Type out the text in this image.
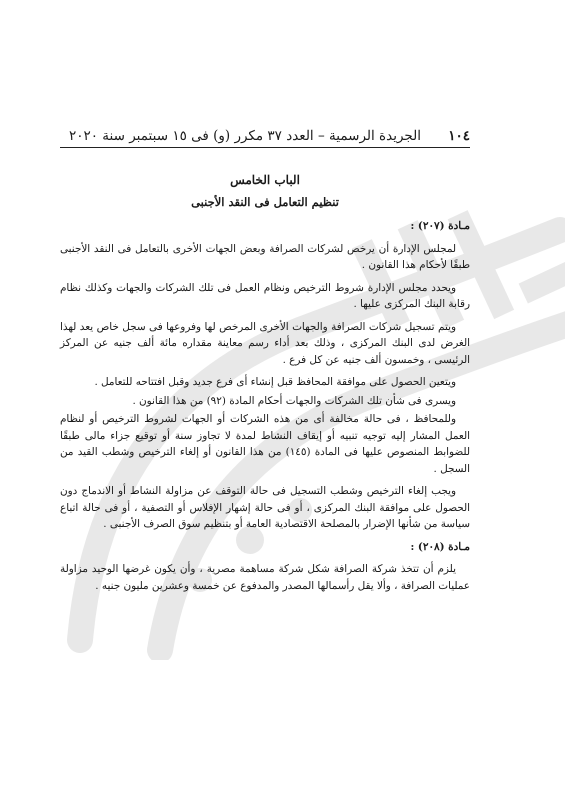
١٠٤
الجريدة الرسمية – العدد ٣٧ مكرر (و) فى ١٥ سبتمبر سنة ٢٠٢٠
الباب الخامس
تنظيم التعامل فى النقد الأجنبى
مـادة (٢٠٧) :

لمجلس الإدارة أن يرخص لشركات الصرافة وبعض الجهات الأخرى بالتعامل فى النقد الأجنبى طبقًا لأحكام هذا القانون .

ويحدد مجلس الإدارة شروط الترخيص ونظام العمل فى تلك الشركات والجهات وكذلك نظام رقابة البنك المركزى عليها .

ويتم تسجيل شركات الصرافة والجهات الأخرى المرخص لها وفروعها فى سجل خاص يعد لهذا الغرض لدى البنك المركزى ، وذلك بعد أداء رسم معاينة مقداره مائة ألف جنيه عن المركز الرئيسى ، وخمسون ألف جنيه عن كل فرع .

ويتعين الحصول على موافقة المحافظ قبل إنشاء أى فرع جديد وقبل افتتاحه للتعامل .

ويسرى فى شأن تلك الشركات والجهات أحكام المادة (٩٢) من هذا القانون .

وللمحافظ ، فى حالة مخالفة أى من هذه الشركات أو الجهات لشروط الترخيص أو لنظام العمل المشار إليه توجيه تنبيه أو إيقاف النشاط لمدة لا تجاوز سنة أو توقيع جزاء مالى طبقًا للضوابط المنصوص عليها فى المادة (١٤٥) من هذا القانون أو إلغاء الترخيص وشطب القيد من السجل .

ويجب إلغاء الترخيص وشطب التسجيل فى حالة التوقف عن مزاولة النشاط أو الاندماج دون الحصول على موافقة البنك المركزى ، أو فى حالة إشهار الإفلاس أو التصفية ، أو فى حالة اتباع سياسة من شأنها الإضرار بالمصلحة الاقتصادية العامة أو بتنظيم سوق الصرف الأجنبى .

مـادة (٢٠٨) :

يلزم أن تتخذ شركة الصرافة شكل شركة مساهمة مصرية ، وأن يكون غرضها الوحيد مزاولة عمليات الصرافة ، وألا يقل رأسمالها المصدر والمدفوع عن خمسة وعشرين مليون جنيه .
